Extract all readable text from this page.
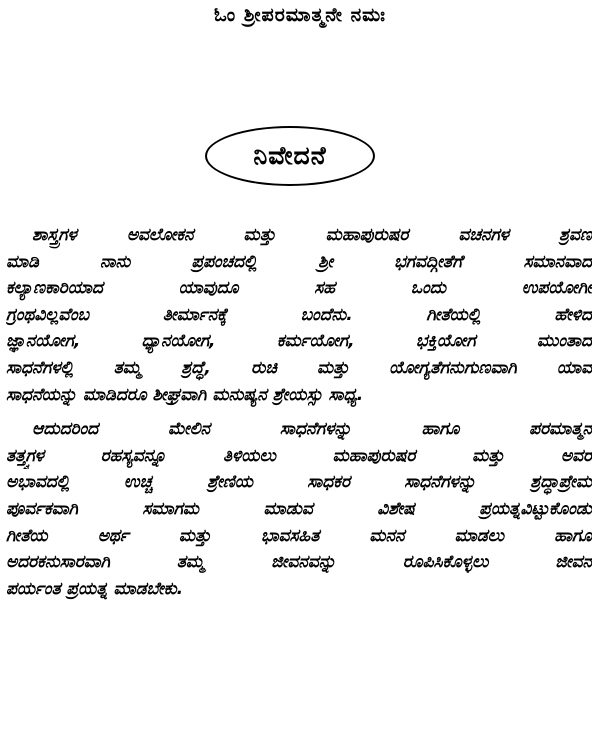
ಓಂ ಶ್ರೀಪರಮಾತ್ಮನೇ ನಮಃ
ನಿವೇದನೆ
ಶಾಸ್ತ್ರಗಳ ಅವಲೋಕನ ಮತ್ತು ಮಹಾಪುರುಷರ ವಚನಗಳ ಶ್ರವಣ
ಮಾಡಿ ನಾನು ಪ್ರಪಂಚದಲ್ಲಿ ಶ್ರೀ ಭಗವದ್ಗೀತೆಗೆ ಸಮಾನವಾದ
ಕಲ್ಯಾಣಕಾರಿಯಾದ ಯಾವುದೂ ಸಹ ಒಂದು ಉಪಯೋಗೀ
ಗ್ರಂಥವಿಲ್ಲವೆಂಬ ತೀರ್ಮಾನಕ್ಕೆ ಬಂದೆನು. ಗೀತೆಯಲ್ಲಿ ಹೇಳಿದ
ಜ್ಞಾನಯೋಗ, ಧ್ಯಾನಯೋಗ, ಕರ್ಮಯೋಗ, ಭಕ್ತಿಯೋಗ ಮುಂತಾದ
ಸಾಧನೆಗಳಲ್ಲಿ ತಮ್ಮ ಶ್ರದ್ಧೆ, ರುಚಿ ಮತ್ತು ಯೋಗ್ಯತೆಗನುಗುಣವಾಗಿ ಯಾವ
ಸಾಧನೆಯನ್ನು ಮಾಡಿದರೂ ಶೀಘ್ರವಾಗಿ ಮನುಷ್ಯನ ಶ್ರೇಯಸ್ಸು ಸಾಧ್ಯ.
ಆದುದರಿಂದ ಮೇಲಿನ ಸಾಧನೆಗಳನ್ನು ಹಾಗೂ ಪರಮಾತ್ಮನ
ತತ್ತ್ವಗಳ ರಹಸ್ಯವನ್ನೂ ತಿಳಿಯಲು ಮಹಾಪುರುಷರ ಮತ್ತು ಅವರ
ಅಭಾವದಲ್ಲಿ ಉಚ್ಚ ಶ್ರೇಣಿಯ ಸಾಧಕರ ಸಾಧನೆಗಳನ್ನು ಶ್ರದ್ಧಾಪ್ರೇಮ
ಪೂರ್ವಕವಾಗಿ ಸಮಾಗಮ ಮಾಡುವ ವಿಶೇಷ ಪ್ರಯತ್ನವಿಟ್ಟುಕೊಂಡು
ಗೀತೆಯ ಅರ್ಥ ಮತ್ತು ಭಾವಸಹಿತ ಮನನ ಮಾಡಲು ಹಾಗೂ
ಅದರಕನುಸಾರವಾಗಿ ತಮ್ಮ ಜೀವನವನ್ನು ರೂಪಿಸಿಕೊಳ್ಳಲು ಜೀವನ
ಪರ್ಯಂತ ಪ್ರಯತ್ನ ಮಾಡಬೇಕು.
